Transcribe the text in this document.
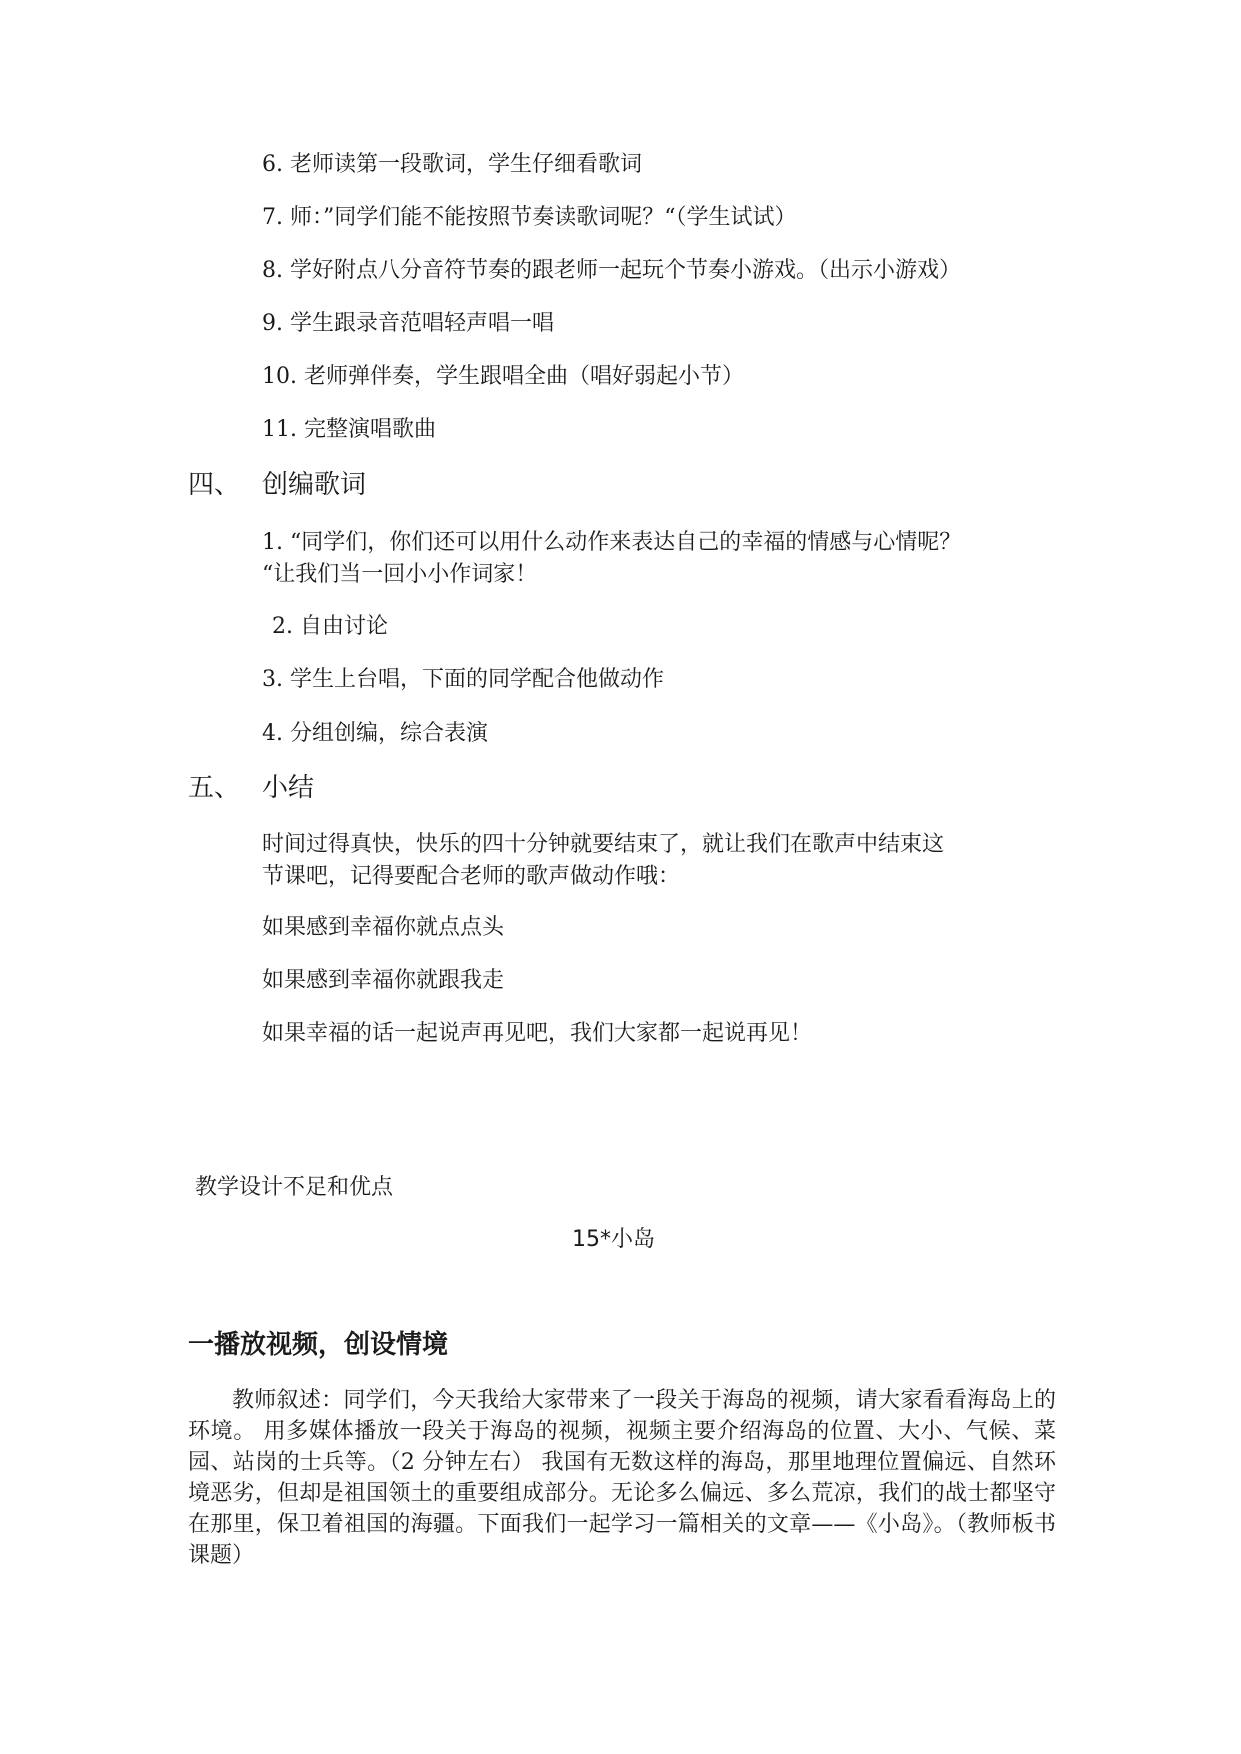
6. 老师读第一段歌词，学生仔细看歌词
7. 师：”同学们能不能按照节奏读歌词呢？“（学生试试）
8. 学好附点八分音符节奏的跟老师一起玩个节奏小游戏。（出示小游戏）
9. 学生跟录音范唱轻声唱一唱
10. 老师弹伴奏，学生跟唱全曲（唱好弱起小节）
11. 完整演唱歌曲
四、 创编歌词
1. “同学们，你们还可以用什么动作来表达自己的幸福的情感与心情呢？
“让我们当一回小小作词家！
2. 自由讨论
3. 学生上台唱，下面的同学配合他做动作
4. 分组创编，综合表演
五、 小结
时间过得真快，快乐的四十分钟就要结束了，就让我们在歌声中结束这
节课吧，记得要配合老师的歌声做动作哦：
如果感到幸福你就点点头
如果感到幸福你就跟我走
如果幸福的话一起说声再见吧，我们大家都一起说再见！
教学设计不足和优点
15*小岛
一播放视频，创设情境
教师叙述：同学们，今天我给大家带来了一段关于海岛的视频，请大家看看海岛上的环境。 用多媒体播放一段关于海岛的视频，视频主要介绍海岛的位置、大小、气候、菜园、站岗的士兵等。（2 分钟左右） 我国有无数这样的海岛，那里地理位置偏远、自然环境恶劣，但却是祖国领土的重要组成部分。无论多么偏远、多么荒凉，我们的战士都坚守在那里，保卫着祖国的海疆。下面我们一起学习一篇相关的文章——《小岛》。（教师板书课题）
